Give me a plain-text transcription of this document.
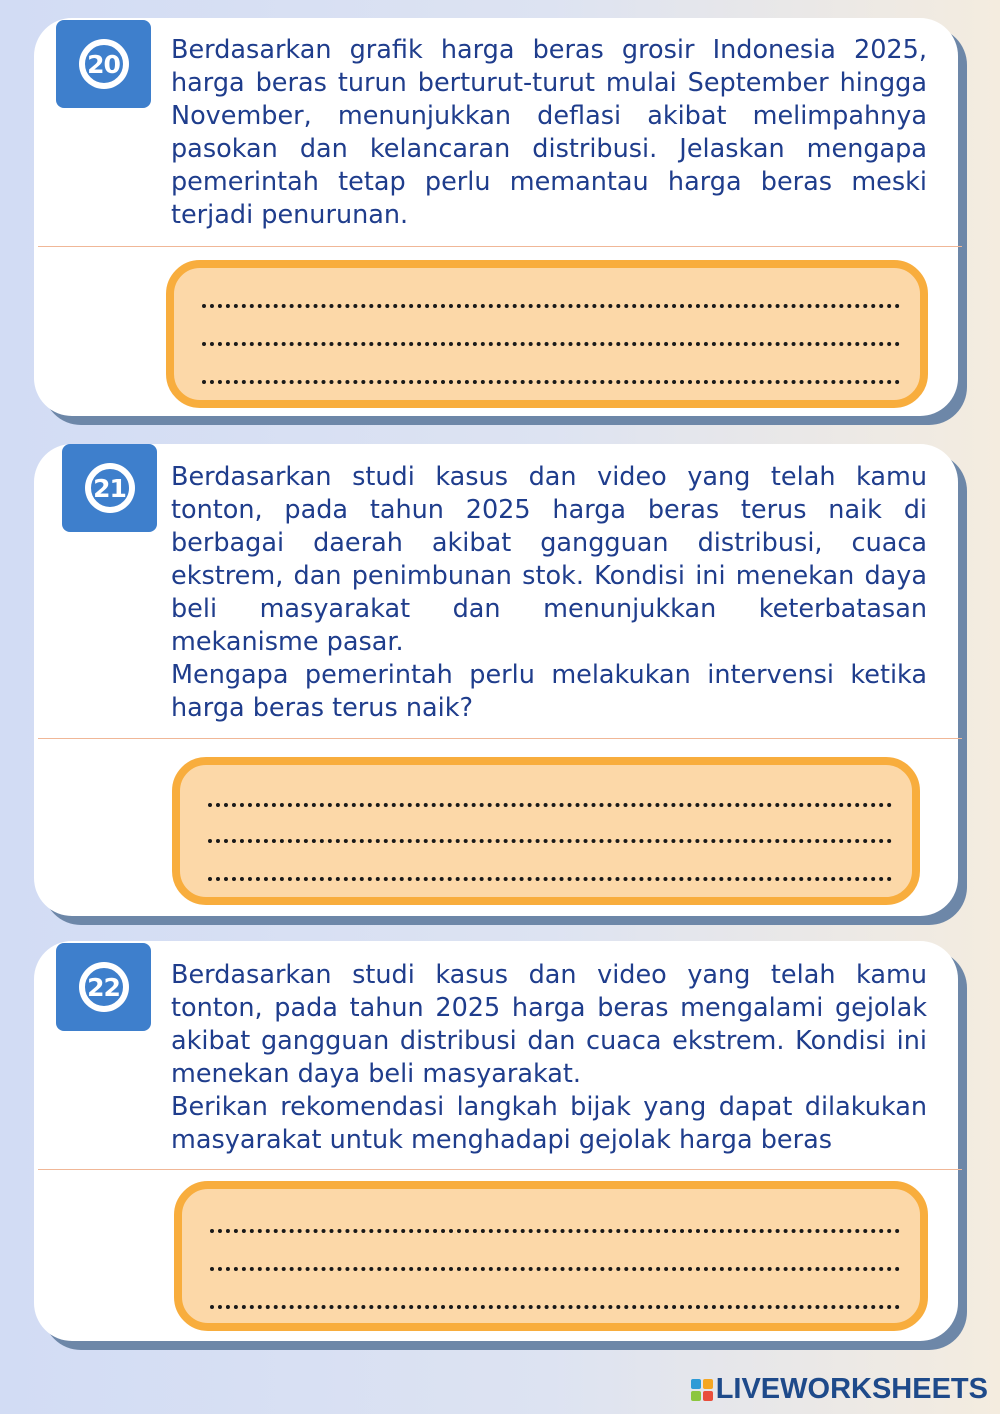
20 Berdasarkan grafik harga beras grosir Indonesia 2025, harga beras turun berturut-turut mulai September hingga November, menunjukkan deflasi akibat melimpahnya pasokan dan kelancaran distribusi. Jelaskan mengapa pemerintah tetap perlu memantau harga beras meski terjadi penurunan.

21 Berdasarkan studi kasus dan video yang telah kamu tonton, pada tahun 2025 harga beras terus naik di berbagai daerah akibat gangguan distribusi, cuaca ekstrem, dan penimbunan stok. Kondisi ini menekan daya beli masyarakat dan menunjukkan keterbatasan mekanisme pasar.

Mengapa pemerintah perlu melakukan intervensi ketika harga beras terus naik?

22 Berdasarkan studi kasus dan video yang telah kamu tonton, pada tahun 2025 harga beras mengalami gejolak akibat gangguan distribusi dan cuaca ekstrem. Kondisi ini menekan daya beli masyarakat.

Berikan rekomendasi langkah bijak yang dapat dilakukan masyarakat untuk menghadapi gejolak harga beras

LIVEWORKSHEETS
